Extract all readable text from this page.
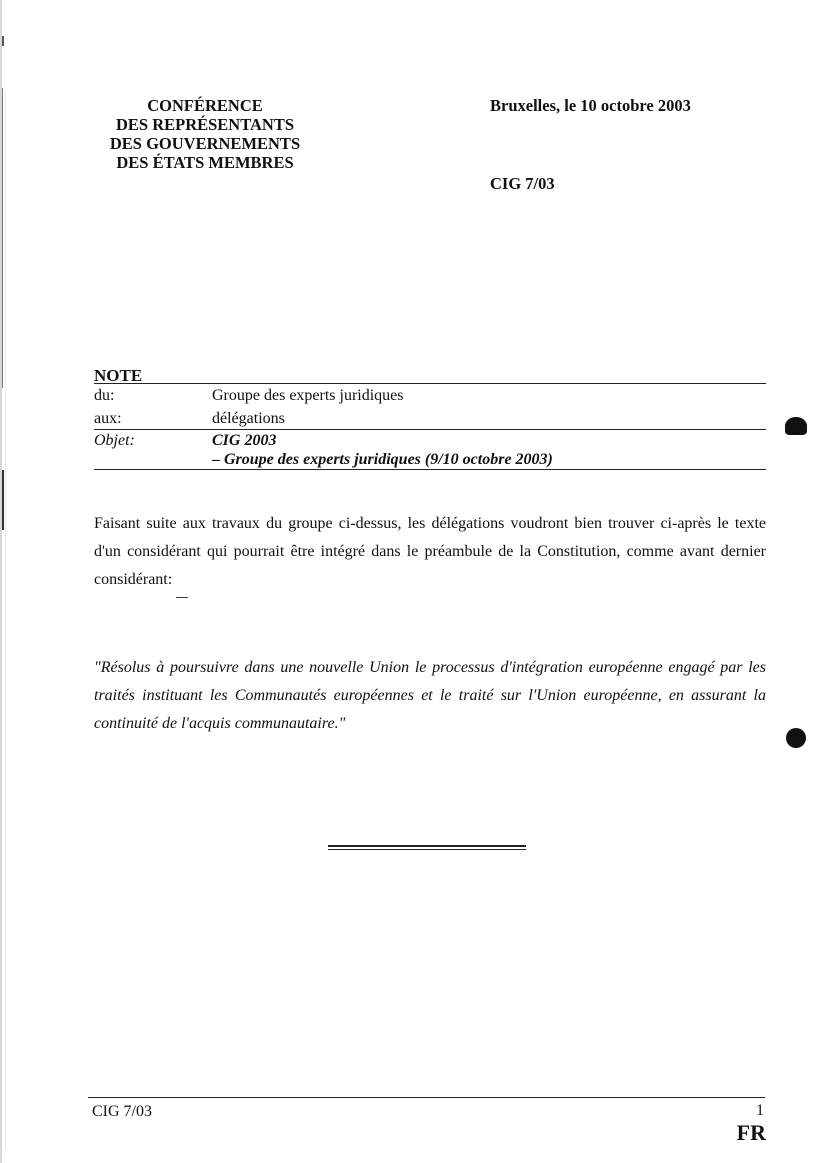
CONFÉRENCE
DES REPRÉSENTANTS
DES GOUVERNEMENTS
DES ÉTATS MEMBRES
Bruxelles, le 10 octobre 2003
CIG 7/03
NOTE
du:	Groupe des experts juridiques
aux:	délégations
Objet:	CIG 2003
– Groupe des experts juridiques (9/10 octobre 2003)
Faisant suite aux travaux du groupe ci-dessus, les délégations voudront bien trouver ci-après le texte d'un considérant qui pourrait être intégré dans le préambule de la Constitution, comme avant dernier considérant:
"Résolus à poursuivre dans une nouvelle Union le processus d'intégration européenne engagé par les traités instituant les Communautés européennes et le traité sur l'Union européenne, en assurant la continuité de l'acquis communautaire."
CIG 7/03	1
FR
